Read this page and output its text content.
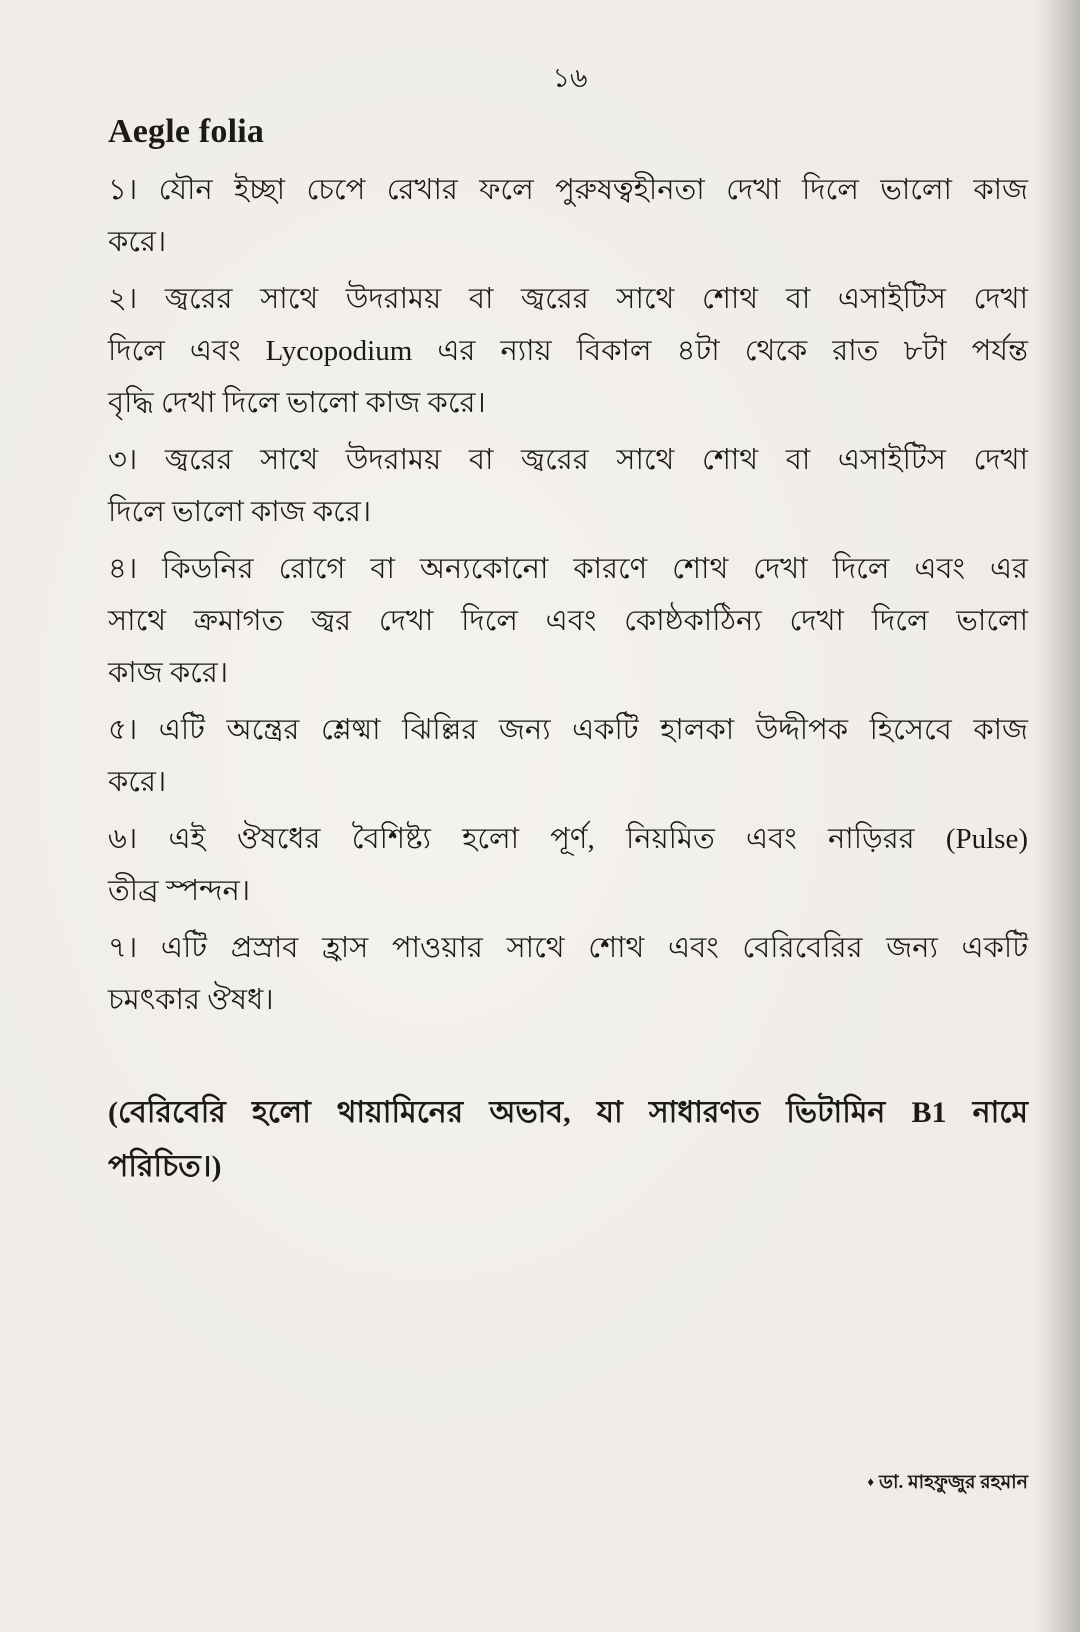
১৬
Aegle folia
১। যৌন ইচ্ছা চেপে রেখার ফলে পুরুষত্বহীনতা দেখা দিলে ভালো কাজ
করে।
২। জ্বরের সাথে উদরাময় বা জ্বরের সাথে শোথ বা এসাইটিস দেখা
দিলে এবং Lycopodium এর ন্যায় বিকাল ৪টা থেকে রাত ৮টা পর্যন্ত
বৃদ্ধি দেখা দিলে ভালো কাজ করে।
৩। জ্বরের সাথে উদরাময় বা জ্বরের সাথে শোথ বা এসাইটিস দেখা
দিলে ভালো কাজ করে।
৪। কিডনির রোগে বা অন্যকোনো কারণে শোথ দেখা দিলে এবং এর
সাথে ক্রমাগত জ্বর দেখা দিলে এবং কোষ্ঠকাঠিন্য দেখা দিলে ভালো
কাজ করে।
৫। এটি অন্ত্রের শ্লেষ্মা ঝিল্লির জন্য একটি হালকা উদ্দীপক হিসেবে কাজ
করে।
৬। এই ঔষধের বৈশিষ্ট্য হলো পূর্ণ, নিয়মিত এবং নাড়িরর (Pulse)
তীব্র স্পন্দন।
৭। এটি প্রস্রাব হ্রাস পাওয়ার সাথে শোথ এবং বেরিবেরির জন্য একটি
চমৎকার ঔষধ।
(বেরিবেরি হলো থায়ামিনের অভাব, যা সাধারণত ভিটামিন B1 নামে
পরিচিত।)
♦ ডা. মাহফুজুর রহমান
